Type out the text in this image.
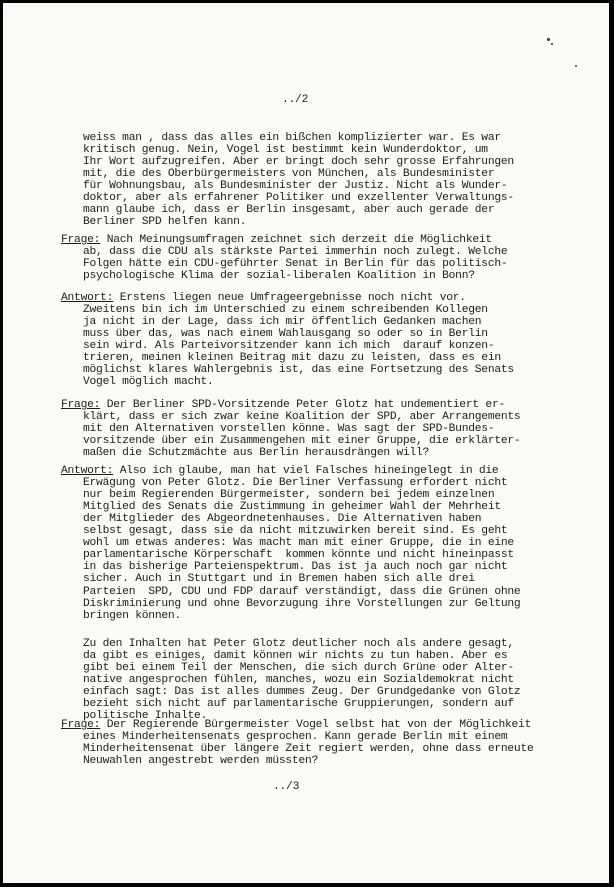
../2
weiss man , dass das alles ein bißchen komplizierter war. Es war
kritisch genug. Nein, Vogel ist bestimmt kein Wunderdoktor, um
Ihr Wort aufzugreifen. Aber er bringt doch sehr grosse Erfahrungen
mit, die des Oberbürgermeisters von München, als Bundesminister
für Wohnungsbau, als Bundesminister der Justiz. Nicht als Wunder-
doktor, aber als erfahrener Politiker und exzellenter Verwaltungs-
mann glaube ich, dass er Berlin insgesamt, aber auch gerade der
Berliner SPD helfen kann.
Frage: Nach Meinungsumfragen zeichnet sich derzeit die Möglichkeit
ab, dass die CDU als stärkste Partei immerhin noch zulegt. Welche
Folgen hätte ein CDU-geführter Senat in Berlin für das politisch-
psychologische Klima der sozial-liberalen Koalition in Bonn?
Antwort: Erstens liegen neue Umfrageergebnisse noch nicht vor.
Zweitens bin ich im Unterschied zu einem schreibenden Kollegen
ja nicht in der Lage, dass ich mir öffentlich Gedanken machen
muss über das, was nach einem Wahlausgang so oder so in Berlin
sein wird. Als Parteivorsitzender kann ich mich  darauf konzen-
trieren, meinen kleinen Beitrag mit dazu zu leisten, dass es ein
möglichst klares Wahlergebnis ist, das eine Fortsetzung des Senats
Vogel möglich macht.
Frage: Der Berliner SPD-Vorsitzende Peter Glotz hat undementiert er-
klärt, dass er sich zwar keine Koalition der SPD, aber Arrangements
mit den Alternativen vorstellen könne. Was sagt der SPD-Bundes-
vorsitzende über ein Zusammengehen mit einer Gruppe, die erklärter-
maßen die Schutzmächte aus Berlin herausdrängen will?
Antwort: Also ich glaube, man hat viel Falsches hineingelegt in die
Erwägung von Peter Glotz. Die Berliner Verfassung erfordert nicht
nur beim Regierenden Bürgermeister, sondern bei jedem einzelnen
Mitglied des Senats die Zustimmung in geheimer Wahl der Mehrheit
der Mitglieder des Abgeordnetenhauses. Die Alternativen haben
selbst gesagt, dass sie da nicht mitzuwirken bereit sind. Es geht
wohl um etwas anderes: Was macht man mit einer Gruppe, die in eine
parlamentarische Körperschaft  kommen könnte und nicht hineinpasst
in das bisherige Parteienspektrum. Das ist ja auch noch gar nicht
sicher. Auch in Stuttgart und in Bremen haben sich alle drei
Parteien  SPD, CDU und FDP darauf verständigt, dass die Grünen ohne
Diskriminierung und ohne Bevorzugung ihre Vorstellungen zur Geltung
bringen können.
Zu den Inhalten hat Peter Glotz deutlicher noch als andere gesagt,
da gibt es einiges, damit können wir nichts zu tun haben. Aber es
gibt bei einem Teil der Menschen, die sich durch Grüne oder Alter-
native angesprochen fühlen, manches, wozu ein Sozialdemokrat nicht
einfach sagt: Das ist alles dummes Zeug. Der Grundgedanke von Glotz
bezieht sich nicht auf parlamentarische Gruppierungen, sondern auf
politische Inhalte.
Frage: Der Regierende Bürgermeister Vogel selbst hat von der Möglichkeit
eines Minderheitensenats gesprochen. Kann gerade Berlin mit einem
Minderheitensenat über längere Zeit regiert werden, ohne dass erneute
Neuwahlen angestrebt werden müssten?
../3
